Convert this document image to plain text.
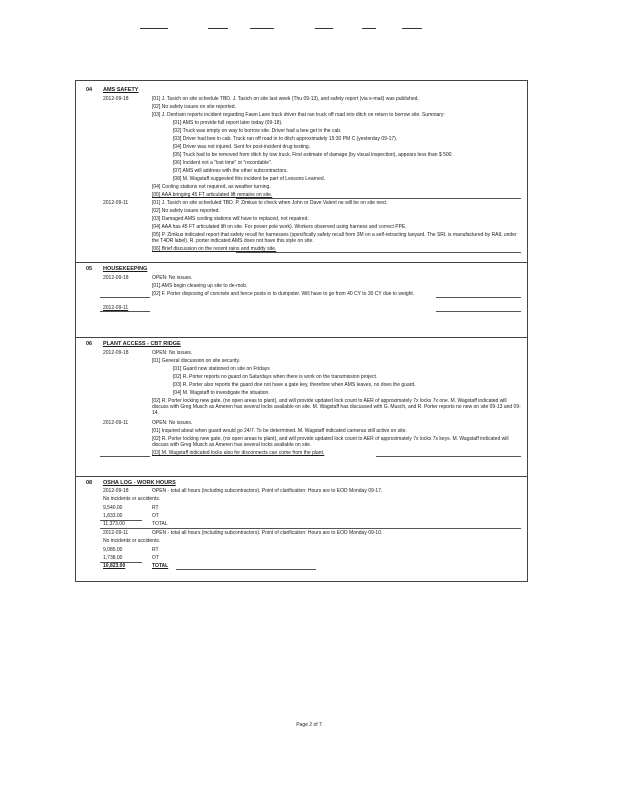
04 AMS SAFETY
2012-09-18	[01] J. Tasich on site schedule TBD. J. Tasich on site last week (Thu 09-13), and safety report (via e-mail) was published.
[02] No safety issues on site reported.
[03] J. Denham reports incident regarding Fawn Lane truck driver that ran truck off road into ditch on return to borrow site. Summary:
[01] AMS to provide full report later today (09-18).
[02] Truck was empty on way to borrow site. Driver had a bee get in the cab.
[03] Driver had bee in cab. Truck ran off road in to ditch approximately 15:30 PM C (yesterday 09-17).
[04] Driver was not injured. Sent for post-incident drug testing.
[05] Truck had to be removed from ditch by tow truck. First estimate of damage (by visual inspection), appears less than $ 500.
[06] Incident not a "lost time" or "recordable".
[07] AMS will address with the other subcontractors.
[08] M. Wagstaff suggested this incident be part of Lessons Learned.
[04] Cooling stations not required, as weather turning.
[05] AAA bringing 45 FT articulated lift remains on site.
2012-09-11	[01] J. Tasich on site scheduled TBD. P. Zimkus to check when John or Dave Valent ne will be on site next.
[02] No safety issues reported.
[03] Damaged AMS cooling stations will have to replaced, not repaired.
[04] AAA has 45 FT articulated lift on site. For power pole work). Workers observed using harness and correct PPE.
[05] P. Zimkus indicated report that safety recall for harnesses (specifically safety recall from 3M on a self-retracting lanyard. The SRL is manufactured by RAIL under the T4DR label). R. porter indicated AMS does not have this style on site.
[06] Brief discussion on the recent rains and muddy site.
05 HOUSEKEEPING
2012-09-18	OPEN: No issues.
[01] AMS begin cleaning up site to de-mob.
[02] F. Porter disposing of concrete and fence posts in to dumpster. Will have to go from 40 CY to 30 CY due to weight.
2012-09-11
06 PLANT ACCESS - CBT RIDGE
2012-09-18	OPEN: No issues.
[01] General discussion on site security.
[01] Guard now stationed on site on Fridays
[02] R. Porter reports no guard on Saturdays when there is work on the transmission project.
[03] R. Porter also reports the guard doe not have a gate key, therefore when AMS leaves, no does the guard.
[04] M. Wagstaff to investigate the situation.
[02] R. Porter locking new gate, (no open areas to plant), and will provide updated lock count to AER of approximately 7x locks 7x one. M. Wagstaff indicated will discuss with Greg Musch as Ameren has several locks available on site. M. Wagstaff has discussed with G. Musch, and R. Porter reports no new on site 09-13 and 09-14.
2012-09-11	OPEN: No issues.
[01] Inquired about when guard would go 24/7. To be determined. M. Wagstaff indicated cameras still active on site.
[02] R. Porter locking new gate, (no open areas to plant), and will provide updated lock count to AER of approximately 7x locks 7x keys. M. Wagstaff indicated will discuss with Greg Musch as Ameren has several locks available on site.
[03] M. Wagstaff indicated locks also for disconnects can come from the plant.
08 OSHA LOG - WORK HOURS
2012-09-18	OPEN - total all hours (including subcontractors). Point of clarification: Hours are to EOD Monday 09-17.
No incidents or accidents.
9,540.00	RT
1,833.00	OT
11,373.00	TOTAL
2012-09-11	OPEN - total all hours (including subcontractors). Point of clarification: Hours are to EOD Monday 09-10.
No incidents or accidents.
9,085.00	RT
1,738.00	OT
10,823.00	TOTAL
Page 2 of 7
